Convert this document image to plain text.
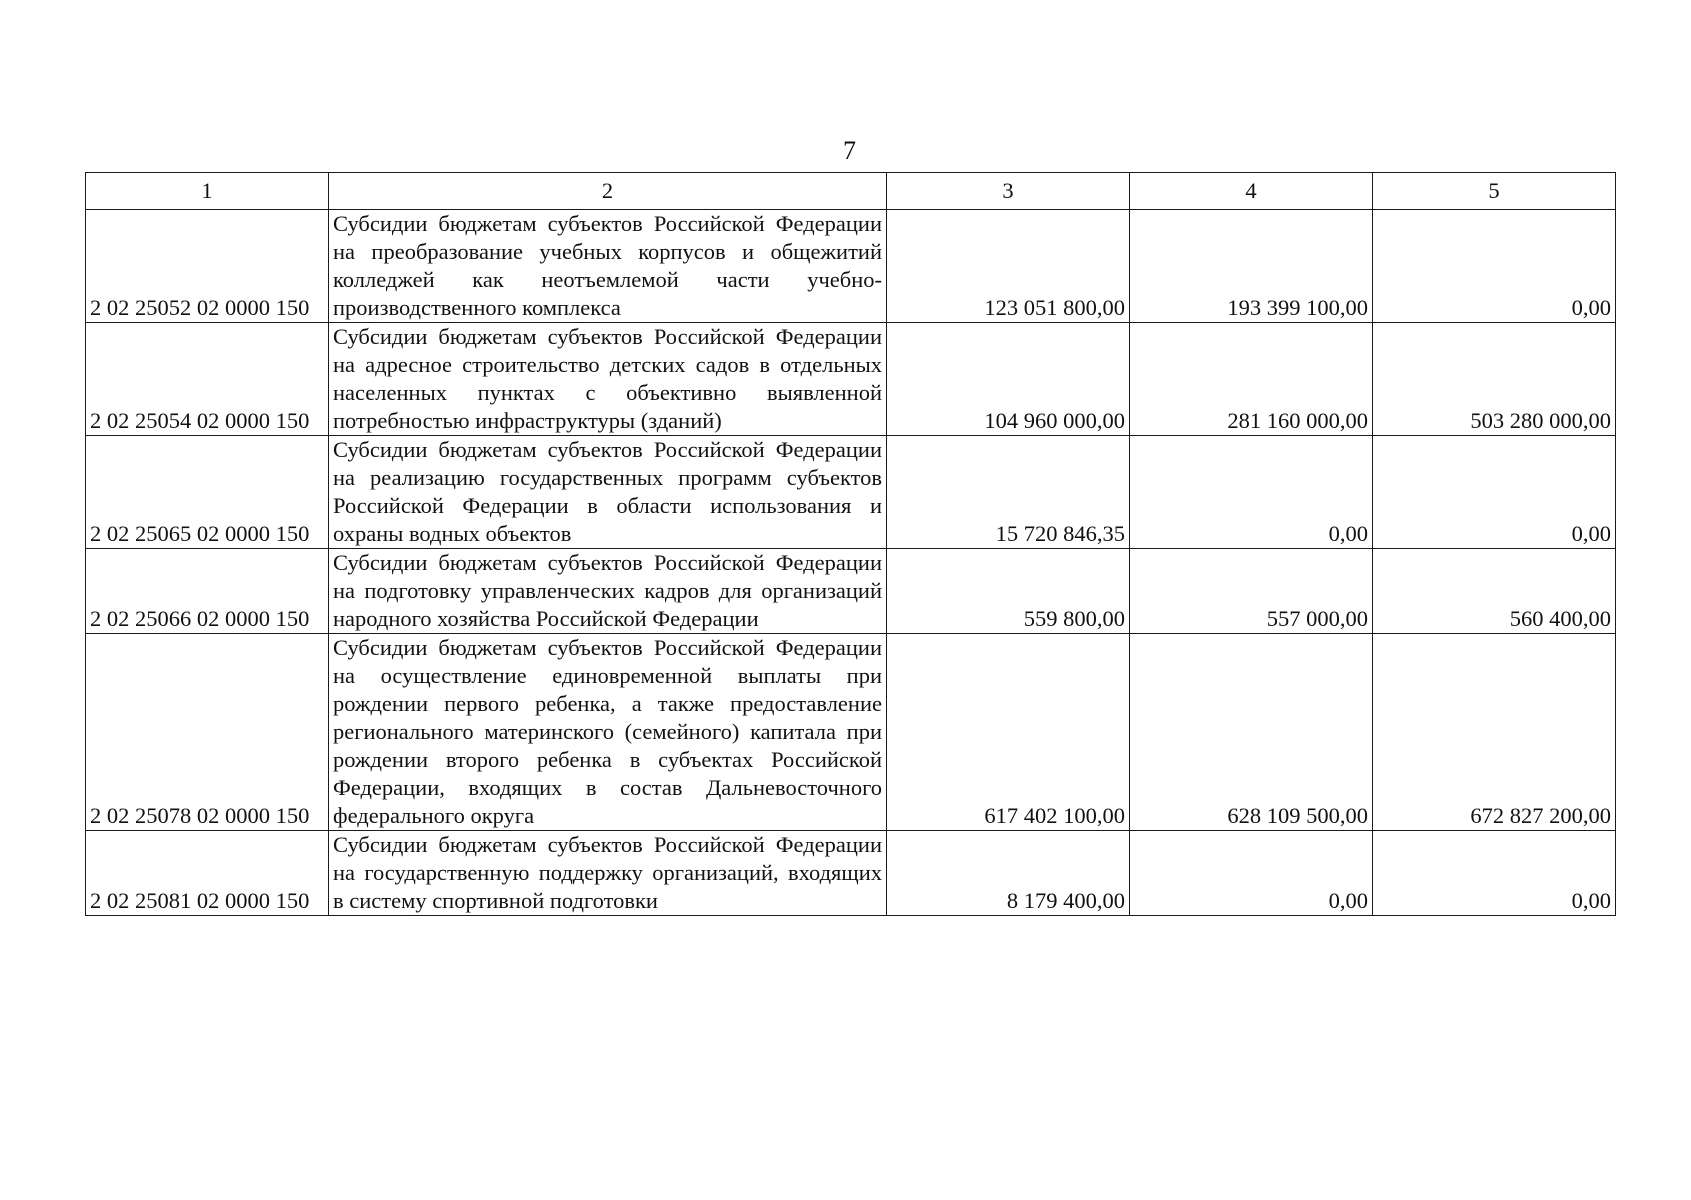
7
1	2	3	4	5
2 02 25052 02 0000 150	Субсидии бюджетам субъектов Российской Федерации на преобразование учебных корпусов и общежитий колледжей как неотъемлемой части учебно-производственного комплекса	123 051 800,00	193 399 100,00	0,00
2 02 25054 02 0000 150	Субсидии бюджетам субъектов Российской Федерации на адресное строительство детских садов в отдельных населенных пунктах с объективно выявленной потребностью инфраструктуры (зданий)	104 960 000,00	281 160 000,00	503 280 000,00
2 02 25065 02 0000 150	Субсидии бюджетам субъектов Российской Федерации на реализацию государственных программ субъектов Российской Федерации в области использования и охраны водных объектов	15 720 846,35	0,00	0,00
2 02 25066 02 0000 150	Субсидии бюджетам субъектов Российской Федерации на подготовку управленческих кадров для организаций народного хозяйства Российской Федерации	559 800,00	557 000,00	560 400,00
2 02 25078 02 0000 150	Субсидии бюджетам субъектов Российской Федерации на осуществление единовременной выплаты при рождении первого ребенка, а также предоставление регионального материнского (семейного) капитала при рождении второго ребенка в субъектах Российской Федерации, входящих в состав Дальневосточного федерального округа	617 402 100,00	628 109 500,00	672 827 200,00
2 02 25081 02 0000 150	Субсидии бюджетам субъектов Российской Федерации на государственную поддержку организаций, входящих в систему спортивной подготовки	8 179 400,00	0,00	0,00
